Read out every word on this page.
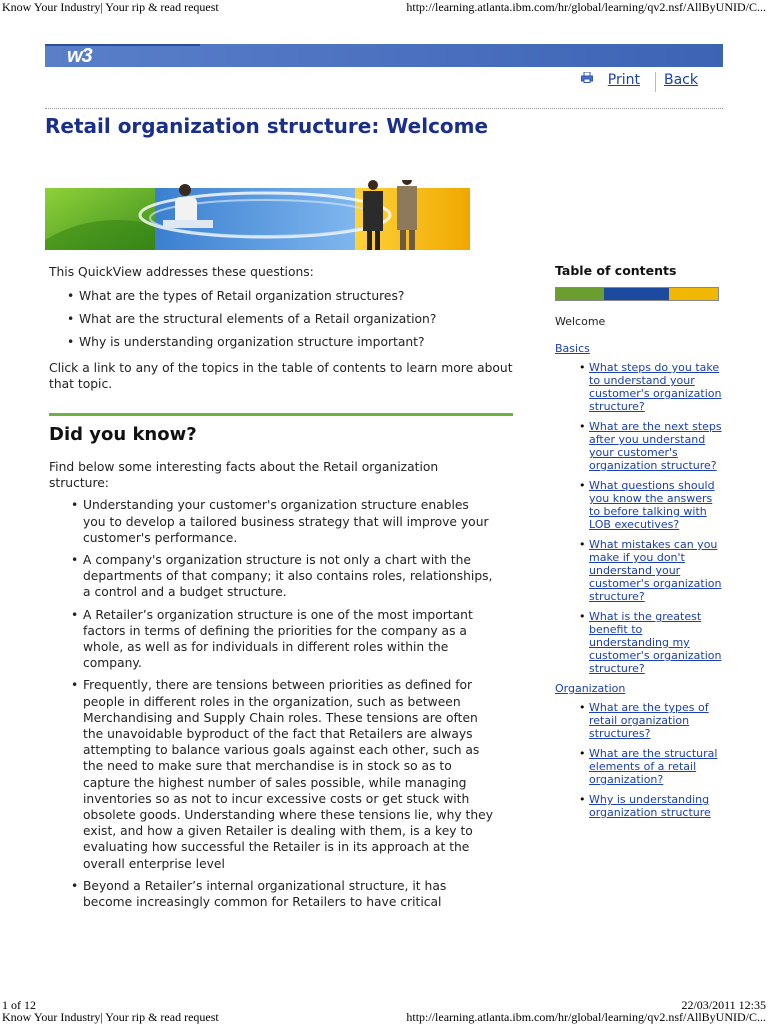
Know Your Industry| Your rip & read request	http://learning.atlanta.ibm.com/hr/global/learning/qv2.nsf/AllByUNID/C...
w3
Print Back
Retail organization structure: Welcome

This QuickView addresses these questions:

• What are the types of Retail organization structures?
• What are the structural elements of a Retail organization?
• Why is understanding organization structure important?

Click a link to any of the topics in the table of contents to learn more about that topic.

Did you know?

Find below some interesting facts about the Retail organization structure:

• Understanding your customer's organization structure enables you to develop a tailored business strategy that will improve your customer's performance.
• A company's organization structure is not only a chart with the departments of that company; it also contains roles, relationships, a control and a budget structure.
• A Retailer’s organization structure is one of the most important factors in terms of defining the priorities for the company as a whole, as well as for individuals in different roles within the company.
• Frequently, there are tensions between priorities as defined for people in different roles in the organization, such as between Merchandising and Supply Chain roles. These tensions are often the unavoidable byproduct of the fact that Retailers are always attempting to balance various goals against each other, such as the need to make sure that merchandise is in stock so as to capture the highest number of sales possible, while managing inventories so as not to incur excessive costs or get stuck with obsolete goods. Understanding where these tensions lie, why they exist, and how a given Retailer is dealing with them, is a key to evaluating how successful the Retailer is in its approach at the overall enterprise level
• Beyond a Retailer’s internal organizational structure, it has become increasingly common for Retailers to have critical
Table of contents
Welcome
Basics
• What steps do you take to understand your customer's organization structure?
• What are the next steps after you understand your customer's organization structure?
• What questions should you know the answers to before talking with LOB executives?
• What mistakes can you make if you don't understand your customer's organization structure?
• What is the greatest benefit to understanding my customer's organization structure?
Organization
• What are the types of retail organization structures?
• What are the structural elements of a retail organization?
• Why is understanding organization structure
1 of 12	22/03/2011 12:35
Know Your Industry| Your rip & read request	http://learning.atlanta.ibm.com/hr/global/learning/qv2.nsf/AllByUNID/C...
